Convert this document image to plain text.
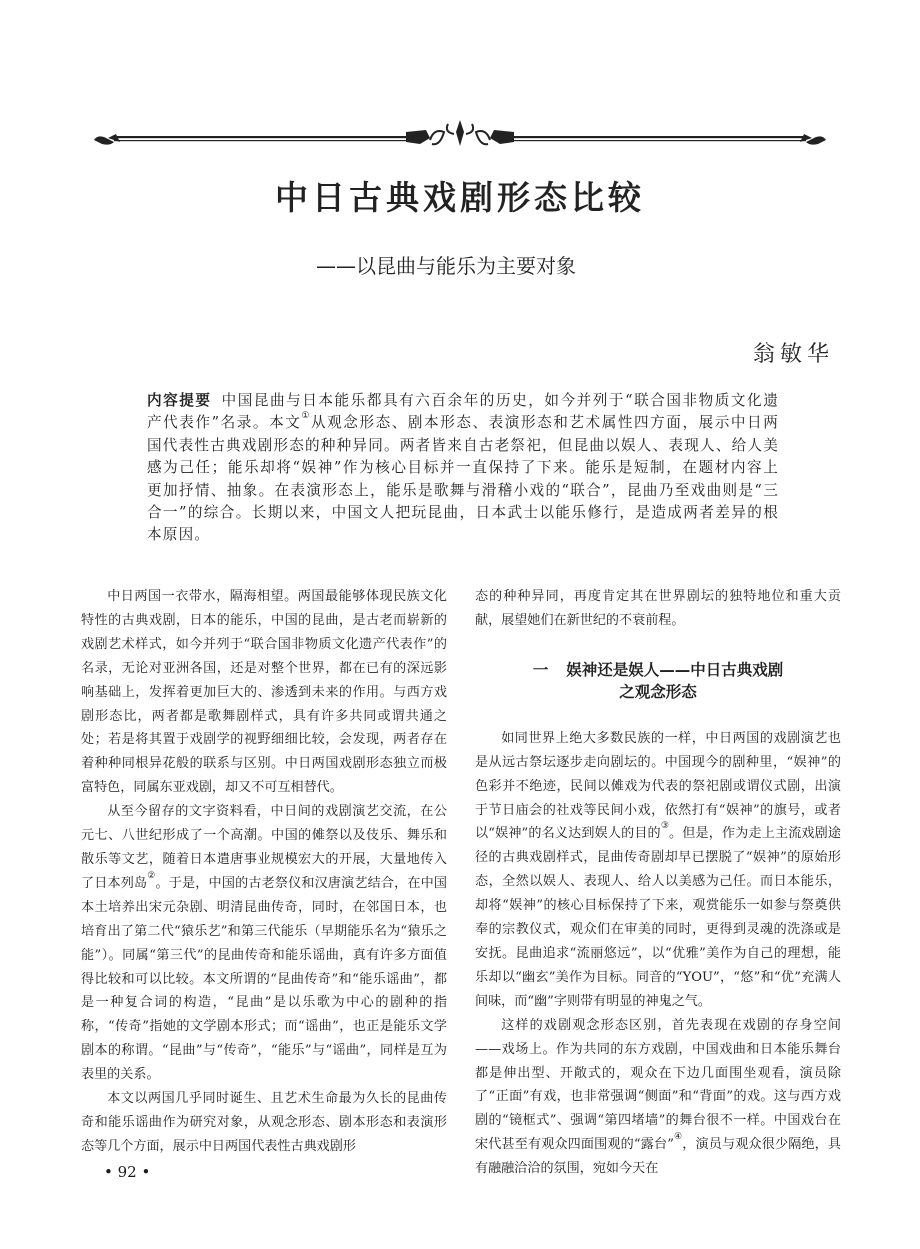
中日古典戏剧形态比较
——以昆曲与能乐为主要对象
翁敏华
内容提要 中国昆曲与日本能乐都具有六百余年的历史，如今并列于“联合国非物质文化遗产代表作”名录。本文①从观念形态、剧本形态、表演形态和艺术属性四方面，展示中日两国代表性古典戏剧形态的种种异同。两者皆来自古老祭祀，但昆曲以娱人、表现人、给人美感为己任；能乐却将“娱神”作为核心目标并一直保持了下来。能乐是短制，在题材内容上更加抒情、抽象。在表演形态上，能乐是歌舞与滑稽小戏的“联合”，昆曲乃至戏曲则是“三合一”的综合。长期以来，中国文人把玩昆曲，日本武士以能乐修行，是造成两者差异的根本原因。

中日两国一衣带水，隔海相望。两国最能够体现民族文化特性的古典戏剧，日本的能乐，中国的昆曲，是古老而崭新的戏剧艺术样式，如今并列于“联合国非物质文化遗产代表作”的名录，无论对亚洲各国，还是对整个世界，都在已有的深远影响基础上，发挥着更加巨大的、渗透到未来的作用。与西方戏剧形态比，两者都是歌舞剧样式，具有许多共同或谓共通之处；若是将其置于戏剧学的视野细细比较，会发现，两者存在着种种同根异花般的联系与区别。中日两国戏剧形态独立而极富特色，同属东亚戏剧，却又不可互相替代。

从至今留存的文字资料看，中日间的戏剧演艺交流，在公元七、八世纪形成了一个高潮。中国的傩祭以及伎乐、舞乐和散乐等文艺，随着日本遣唐事业规模宏大的开展，大量地传入了日本列岛②。于是，中国的古老祭仪和汉唐演艺结合，在中国本土培养出宋元杂剧、明清昆曲传奇，同时，在邻国日本，也培育出了第二代“猿乐艺”和第三代能乐（早期能乐名为“猿乐之能”）。同属“第三代”的昆曲传奇和能乐谣曲，真有许多方面值得比较和可以比较。本文所谓的“昆曲传奇”和“能乐谣曲”，都是一种复合词的构造，“昆曲”是以乐歌为中心的剧种的指称，“传奇”指她的文学剧本形式；而“谣曲”，也正是能乐文学剧本的称谓。“昆曲”与“传奇”，“能乐”与“谣曲”，同样是互为表里的关系。

本文以两国几乎同时诞生、且艺术生命最为久长的昆曲传奇和能乐谣曲作为研究对象，从观念形态、剧本形态和表演形态等几个方面，展示中日两国代表性古典戏剧形

态的种种异同，再度肯定其在世界剧坛的独特地位和重大贡献，展望她们在新世纪的不衰前程。

一 娱神还是娱人——中日古典戏剧
之观念形态

如同世界上绝大多数民族的一样，中日两国的戏剧演艺也是从远古祭坛逐步走向剧坛的。中国现今的剧种里，“娱神”的色彩并不绝迹，民间以傩戏为代表的祭祀剧或谓仪式剧，出演于节日庙会的社戏等民间小戏，依然打有“娱神”的旗号，或者以“娱神”的名义达到娱人的目的③。但是，作为走上主流戏剧途径的古典戏剧样式，昆曲传奇剧却早已摆脱了“娱神”的原始形态，全然以娱人、表现人、给人以美感为己任。而日本能乐，却将“娱神”的核心目标保持了下来，观赏能乐一如参与祭奠供奉的宗教仪式，观众们在审美的同时，更得到灵魂的洗涤或是安抚。昆曲追求“流丽悠远”，以“优雅”美作为自己的理想，能乐却以“幽玄”美作为目标。同音的“YOU”，“悠”和“优”充满人间味，而“幽”字则带有明显的神鬼之气。

这样的戏剧观念形态区别，首先表现在戏剧的存身空间——戏场上。作为共同的东方戏剧，中国戏曲和日本能乐舞台都是伸出型、开敞式的，观众在下边几面围坐观看，演员除了“正面”有戏，也非常强调“侧面”和“背面”的戏。这与西方戏剧的“镜框式”、强调“第四堵墙”的舞台很不一样。中国戏台在宋代甚至有观众四面围观的“露台”④，演员与观众很少隔绝，具有融融洽洽的氛围，宛如今天在

• 92 •
